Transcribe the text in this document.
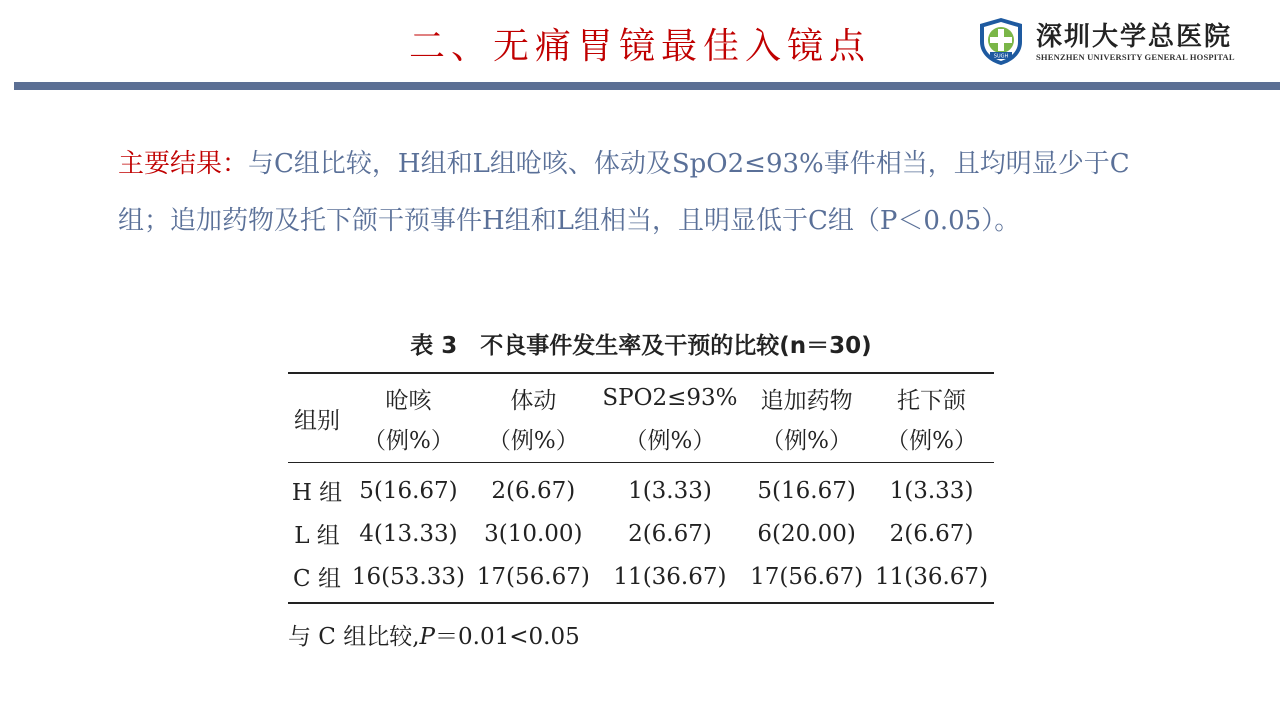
二、无痛胃镜最佳入镜点	SUGH
深圳大学总医院
SHENZHEN UNIVERSITY GENERAL HOSPITAL
主要结果：与C组比较，H组和L组呛咳、体动及SpO2≤93%事件相当，且均明显少于C组；追加药物及托下颌干预事件H组和L组相当，且明显低于C组（P＜0.05）。
表 3　不良事件发生率及干预的比较(n＝30)
组别	呛咳	体动	SPO2≤93%	追加药物	托下颌
	（例%）	（例%）	（例%）	（例%）	（例%）
H 组	5(16.67)	2(6.67)	1(3.33)	5(16.67)	1(3.33)
L 组	4(13.33)	3(10.00)	2(6.67)	6(20.00)	2(6.67)
C 组	16(53.33)	17(56.67)	11(36.67)	17(56.67)	11(36.67)
与 C 组比较,P＝0.01<0.05
